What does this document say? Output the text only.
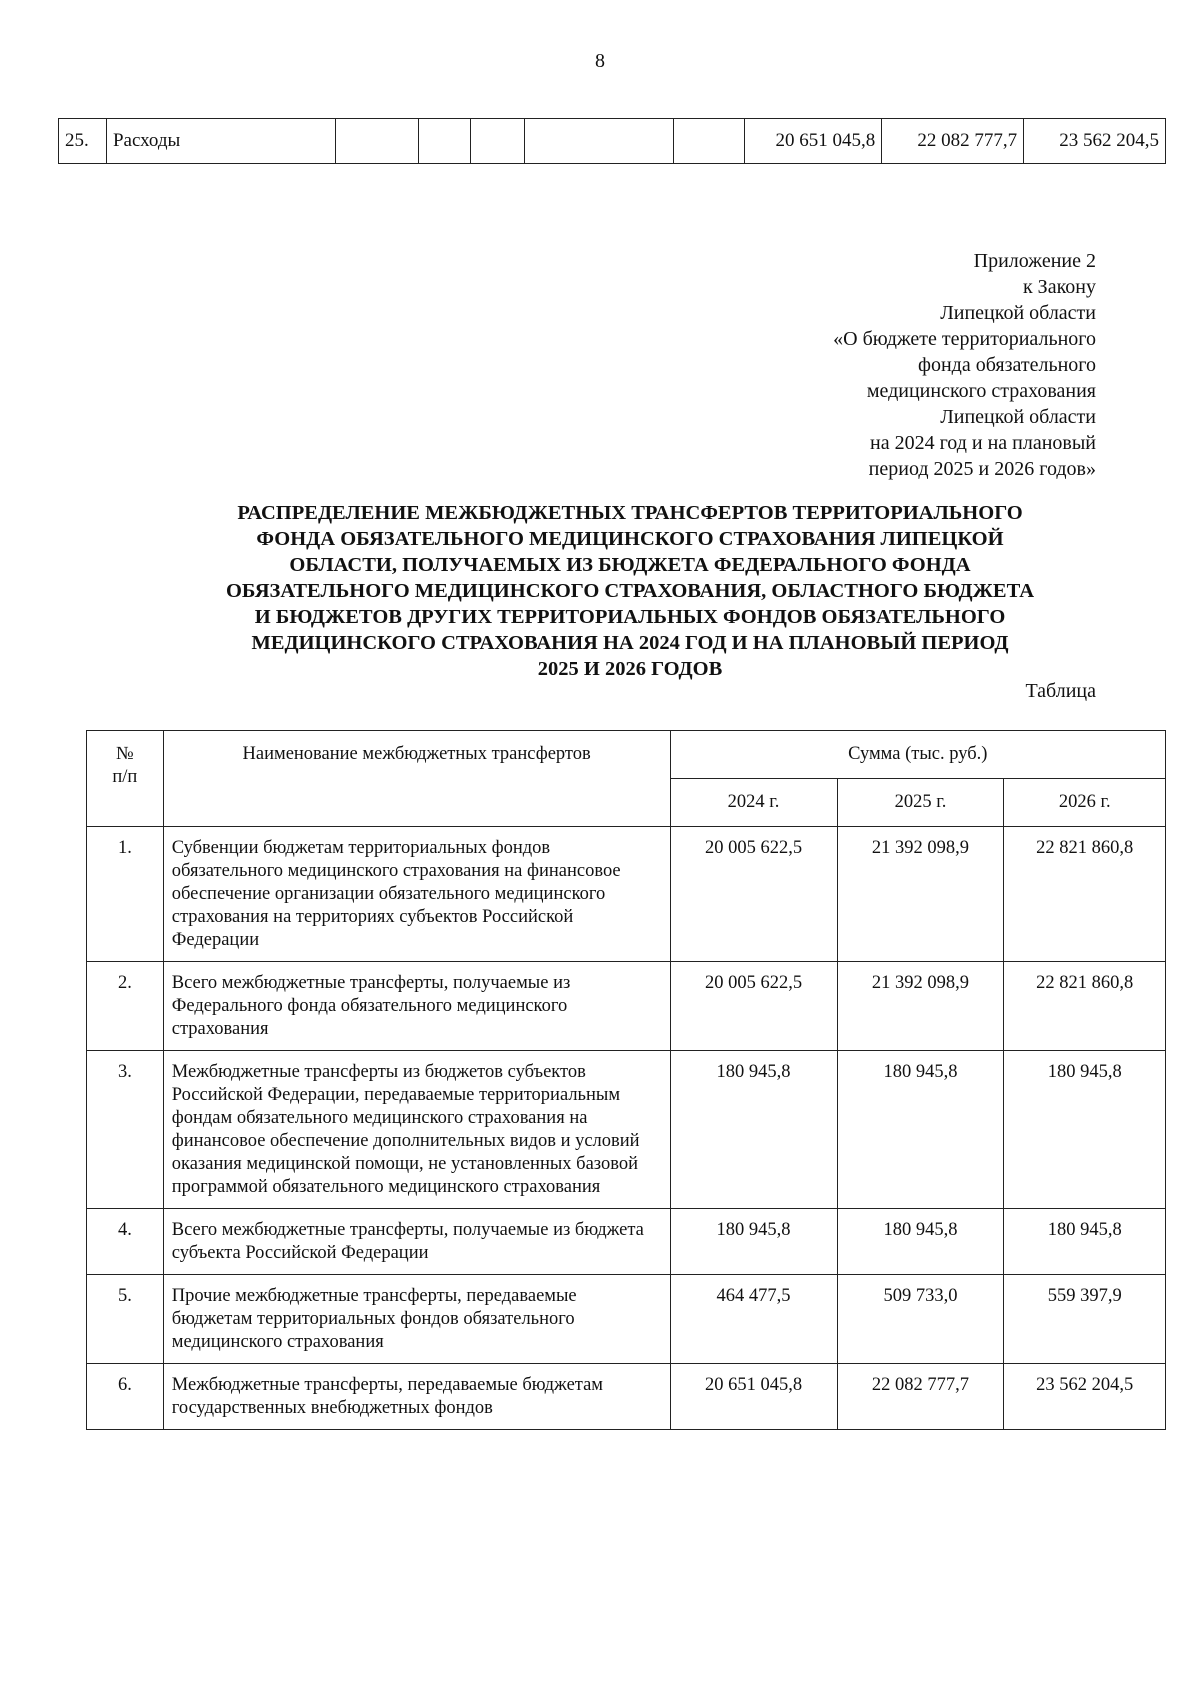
8
25.	Расходы						20 651 045,8	22 082 777,7	23 562 204,5
Приложение 2
к Закону
Липецкой области
«О бюджете территориального
фонда обязательного
медицинского страхования
Липецкой области
на 2024 год и на плановый
период 2025 и 2026 годов»
РАСПРЕДЕЛЕНИЕ МЕЖБЮДЖЕТНЫХ ТРАНСФЕРТОВ ТЕРРИТОРИАЛЬНОГО
ФОНДА ОБЯЗАТЕЛЬНОГО МЕДИЦИНСКОГО СТРАХОВАНИЯ ЛИПЕЦКОЙ
ОБЛАСТИ, ПОЛУЧАЕМЫХ ИЗ БЮДЖЕТА ФЕДЕРАЛЬНОГО ФОНДА
ОБЯЗАТЕЛЬНОГО МЕДИЦИНСКОГО СТРАХОВАНИЯ, ОБЛАСТНОГО БЮДЖЕТА
И БЮДЖЕТОВ ДРУГИХ ТЕРРИТОРИАЛЬНЫХ ФОНДОВ ОБЯЗАТЕЛЬНОГО
МЕДИЦИНСКОГО СТРАХОВАНИЯ НА 2024 ГОД И НА ПЛАНОВЫЙ ПЕРИОД
2025 И 2026 ГОДОВ
Таблица
№
п/п	Наименование межбюджетных трансфертов	Сумма (тыс. руб.)		
		2024 г.	2025 г.	2026 г.
1.	Субвенции бюджетам территориальных фондов обязательного медицинского страхования на финансовое обеспечение организации обязательного медицинского страхования на территориях субъектов Российской Федерации	20 005 622,5	21 392 098,9	22 821 860,8
2.	Всего межбюджетные трансферты, получаемые из Федерального фонда обязательного медицинского страхования	20 005 622,5	21 392 098,9	22 821 860,8
3.	Межбюджетные трансферты из бюджетов субъектов Российской Федерации, передаваемые территориальным фондам обязательного медицинского страхования на финансовое обеспечение дополнительных видов и условий оказания медицинской помощи, не установленных базовой программой обязательного медицинского страхования	180 945,8	180 945,8	180 945,8
4.	Всего межбюджетные трансферты, получаемые из бюджета субъекта Российской Федерации	180 945,8	180 945,8	180 945,8
5.	Прочие межбюджетные трансферты, передаваемые бюджетам территориальных фондов обязательного медицинского страхования	464 477,5	509 733,0	559 397,9
6.	Межбюджетные трансферты, передаваемые бюджетам государственных внебюджетных фондов	20 651 045,8	22 082 777,7	23 562 204,5
